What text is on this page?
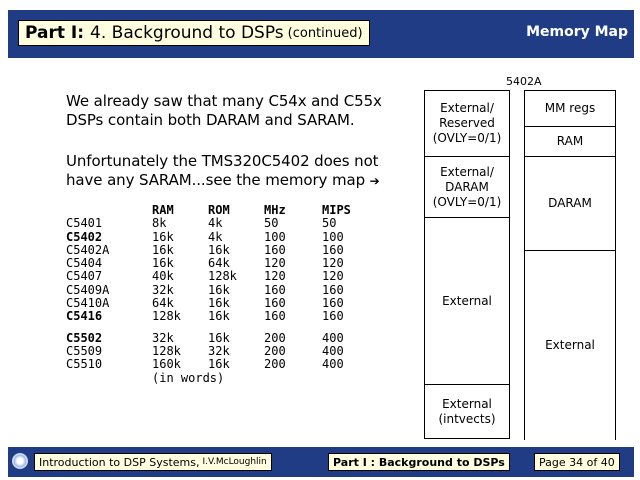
Part I: 4. Background to DSPs (continued)	Memory Map
We already saw that many C54x and C55x DSPs contain both DARAM and SARAM.
Unfortunately the TMS320C5402 does not have any SARAM...see the memory map ➔
	RAM	ROM	MHz	MIPS
C5401	8k	4k	50	50
C5402	16k	4k	100	100
C5402A	16k	16k	160	160
C5404	16k	64k	120	120
C5407	40k	128k	120	120
C5409A	32k	16k	160	160
C5410A	64k	16k	160	160
C5416	128k	16k	160	160

C5502	32k	16k	200	400
C5509	128k	32k	200	400
C5510	160k	16k	200	400
	(in words)			
5402A
External/ Reserved (OVLY=0/1)
External/ DARAM (OVLY=0/1)
External
External (intvects)
MM regs
RAM
DARAM
External
Introduction to DSP Systems, I.V.McLoughlin	Part I : Background to DSPs	Page 34 of 40
